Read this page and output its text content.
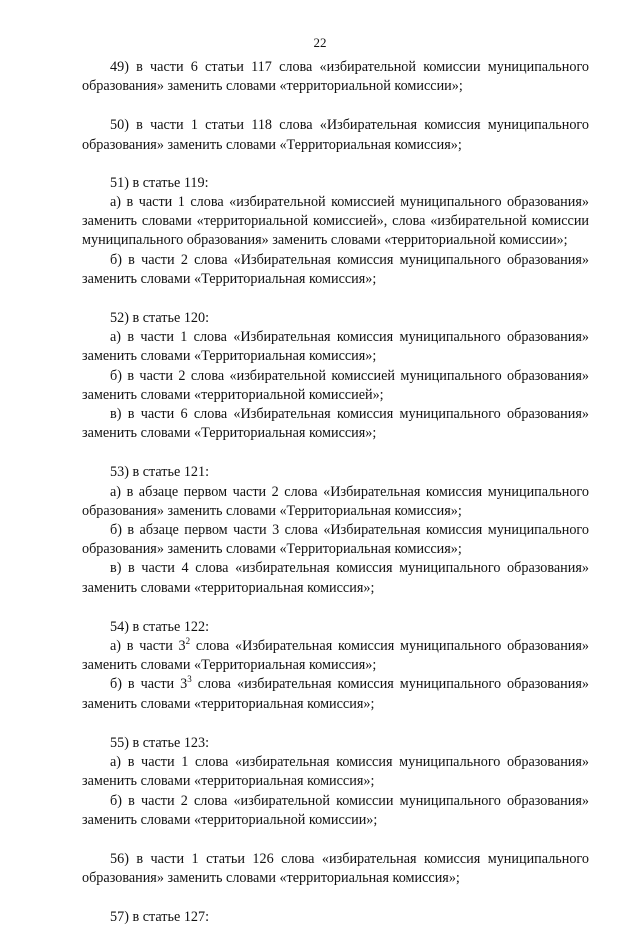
22

49) в части 6 статьи 117 слова «избирательной комиссии муниципального образования» заменить словами «территориальной комиссии»;

50) в части 1 статьи 118 слова «Избирательная комиссия муниципального образования» заменить словами «Территориальная комиссия»;

51) в статье 119:

а) в части 1 слова «избирательной комиссией муниципального образования» заменить словами «территориальной комиссией», слова «избирательной комиссии муниципального образования» заменить словами «территориальной комиссии»;

б) в части 2 слова «Избирательная комиссия муниципального образования» заменить словами «Территориальная комиссия»;

52) в статье 120:

а) в части 1 слова «Избирательная комиссия муниципального образования» заменить словами «Территориальная комиссия»;

б) в части 2 слова «избирательной комиссией муниципального образования» заменить словами «территориальной комиссией»;

в) в части 6 слова «Избирательная комиссия муниципального образования» заменить словами «Территориальная комиссия»;

53) в статье 121:

а) в абзаце первом части 2 слова «Избирательная комиссия муниципального образования» заменить словами «Территориальная комиссия»;

б) в абзаце первом части 3 слова «Избирательная комиссия муниципального образования» заменить словами «Территориальная комиссия»;

в) в части 4 слова «избирательная комиссия муниципального образования» заменить словами «территориальная комиссия»;

54) в статье 122:

а) в части $3^2$ слова «Избирательная комиссия муниципального образования» заменить словами «Территориальная комиссия»;

б) в части $3^3$ слова «избирательная комиссия муниципального образования» заменить словами «территориальная комиссия»;

55) в статье 123:

а) в части 1 слова «избирательная комиссия муниципального образования» заменить словами «территориальная комиссия»;

б) в части 2 слова «избирательной комиссии муниципального образования» заменить словами «территориальной комиссии»;

56) в части 1 статьи 126 слова «избирательная комиссия муниципального образования» заменить словами «территориальная комиссия»;

57) в статье 127:
